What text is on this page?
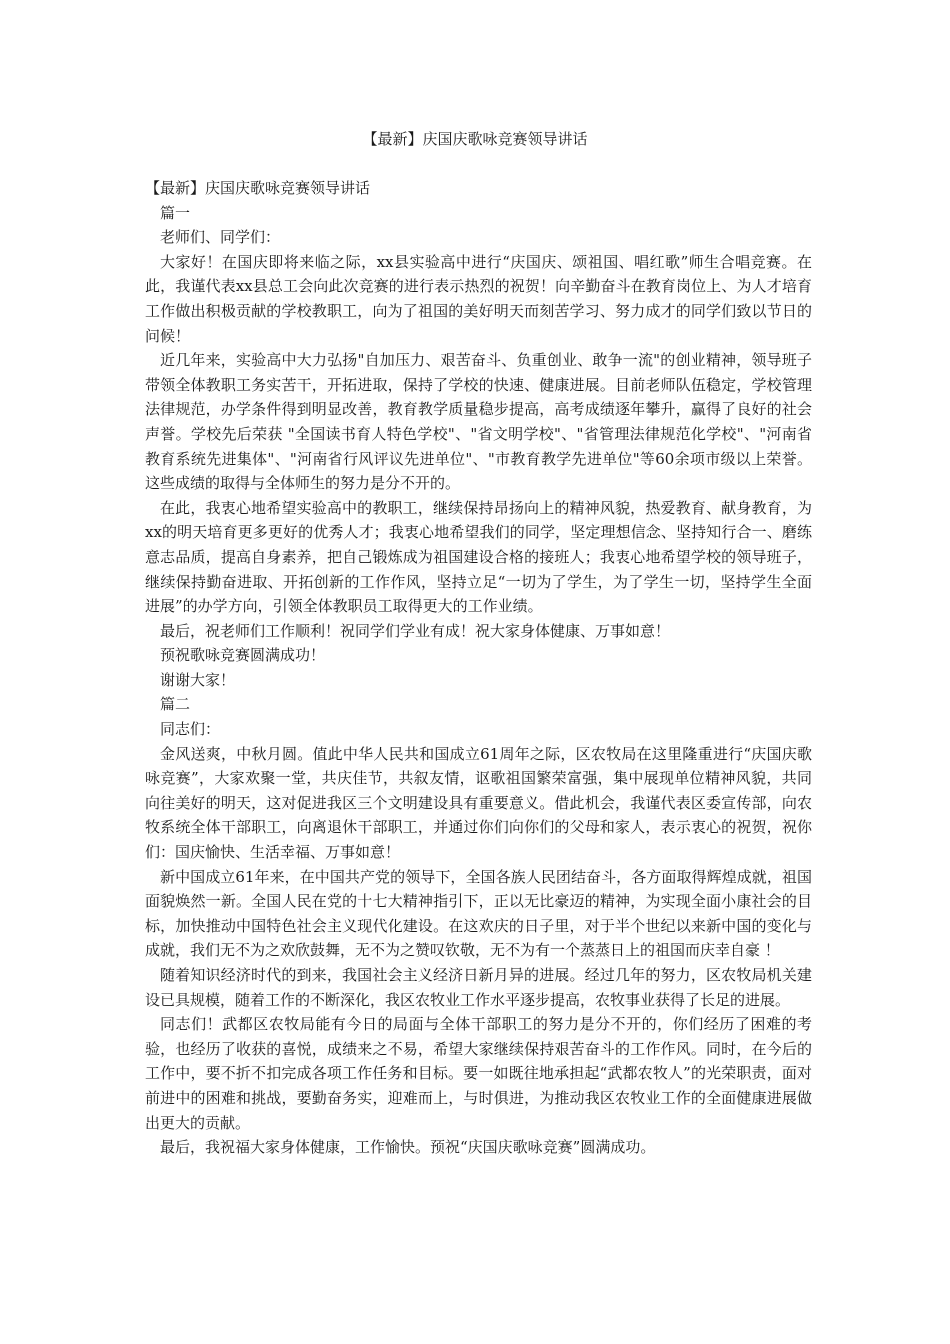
【最新】庆国庆歌咏竞赛领导讲话

【最新】庆国庆歌咏竞赛领导讲话

篇一

老师们、同学们：

大家好！在国庆即将来临之际，xx县实验高中进行“庆国庆、颂祖国、唱红歌”师生合唱竞赛。在此，我谨代表xx县总工会向此次竞赛的进行表示热烈的祝贺！向辛勤奋斗在教育岗位上、为人才培育工作做出积极贡献的学校教职工，向为了祖国的美好明天而刻苦学习、努力成才的同学们致以节日的问候！

近几年来，实验高中大力弘扬"自加压力、艰苦奋斗、负重创业、敢争一流"的创业精神，领导班子带领全体教职工务实苦干，开拓进取，保持了学校的快速、健康进展。目前老师队伍稳定，学校管理法律规范，办学条件得到明显改善，教育教学质量稳步提高，高考成绩逐年攀升，赢得了良好的社会声誉。学校先后荣获 "全国读书育人特色学校"、"省文明学校"、"省管理法律规范化学校"、"河南省教育系统先进集体"、"河南省行风评议先进单位"、"市教育教学先进单位"等60余项市级以上荣誉。这些成绩的取得与全体师生的努力是分不开的。

在此，我衷心地希望实验高中的教职工，继续保持昂扬向上的精神风貌，热爱教育、献身教育，为xx的明天培育更多更好的优秀人才；我衷心地希望我们的同学，坚定理想信念、坚持知行合一、磨练意志品质，提高自身素养，把自己锻炼成为祖国建设合格的接班人；我衷心地希望学校的领导班子，继续保持勤奋进取、开拓创新的工作作风，坚持立足“一切为了学生，为了学生一切，坚持学生全面进展”的办学方向，引领全体教职员工取得更大的工作业绩。

最后，祝老师们工作顺利！祝同学们学业有成！祝大家身体健康、万事如意！

预祝歌咏竞赛圆满成功！

谢谢大家！

篇二

同志们：

金风送爽，中秋月圆。值此中华人民共和国成立61周年之际，区农牧局在这里隆重进行“庆国庆歌咏竞赛”，大家欢聚一堂，共庆佳节，共叙友情，讴歌祖国繁荣富强，集中展现单位精神风貌，共同向往美好的明天，这对促进我区三个文明建设具有重要意义。借此机会，我谨代表区委宣传部，向农牧系统全体干部职工，向离退休干部职工，并通过你们向你们的父母和家人，表示衷心的祝贺，祝你们：国庆愉快、生活幸福、万事如意！

新中国成立61年来，在中国共产党的领导下，全国各族人民团结奋斗，各方面取得辉煌成就，祖国面貌焕然一新。全国人民在党的十七大精神指引下，正以无比豪迈的精神，为实现全面小康社会的目标，加快推动中国特色社会主义现代化建设。在这欢庆的日子里，对于半个世纪以来新中国的变化与成就，我们无不为之欢欣鼓舞，无不为之赞叹钦敬，无不为有一个蒸蒸日上的祖国而庆幸自豪 ！

随着知识经济时代的到来，我国社会主义经济日新月异的进展。经过几年的努力，区农牧局机关建设已具规模，随着工作的不断深化，我区农牧业工作水平逐步提高，农牧事业获得了长足的进展。

同志们！武都区农牧局能有今日的局面与全体干部职工的努力是分不开的，你们经历了困难的考验，也经历了收获的喜悦，成绩来之不易，希望大家继续保持艰苦奋斗的工作作风。同时，在今后的工作中，要不折不扣完成各项工作任务和目标。要一如既往地承担起“武都农牧人”的光荣职责，面对前进中的困难和挑战，要勤奋务实，迎难而上，与时俱进，为推动我区农牧业工作的全面健康进展做出更大的贡献。

最后，我祝福大家身体健康，工作愉快。预祝“庆国庆歌咏竞赛”圆满成功。
